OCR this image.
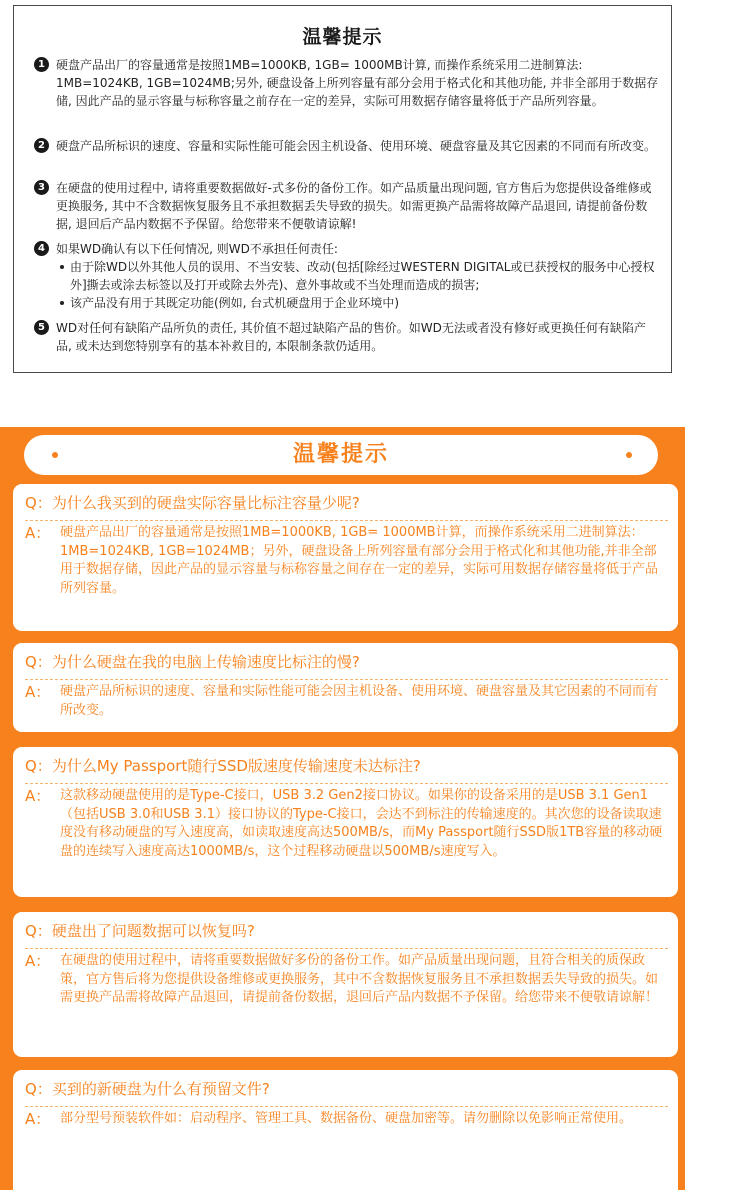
温馨提示
1 硬盘产品出厂的容量通常是按照1MB=1000KB, 1GB= 1000MB计算, 而操作系统采用二进制算法: 1MB=1024KB, 1GB=1024MB;另外, 硬盘设备上所列容量有部分会用于格式化和其他功能, 并非全部用于数据存储, 因此产品的显示容量与标称容量之前存在一定的差异，实际可用数据存储容量将低于产品所列容量。
2 硬盘产品所标识的速度、容量和实际性能可能会因主机设备、使用环境、硬盘容量及其它因素的不同而有所改变。
3 在硬盘的使用过程中, 请将重要数据做好-式多份的备份工作。如产品质量出现问题, 官方售后为您提供设备维修或更换服务, 其中不含数据恢复服务且不承担数据丢失导致的损失。如需更换产品需将故障产品退回, 请提前备份数据, 退回后产品内数据不予保留。给您带来不便敬请谅解!
4 如果WD确认有以下任何情况, 则WD不承担任何责任:
由于除WD以外其他人员的误用、不当安装、改动(包括[除经过WESTERN DIGITAL或已获授权的服务中心授权外]撕去或涂去标签以及打开或除去外壳)、意外事故或不当处理而造成的损害;
该产品没有用于其既定功能(例如, 台式机硬盘用于企业环境中)
5 WD对任何有缺陷产品所负的责任, 其价值不超过缺陷产品的售价。如WD无法或者没有修好或更换任何有缺陷产品, 或未达到您特别享有的基本补救目的, 本限制条款仍适用。
温馨提示
Q：为什么我买到的硬盘实际容量比标注容量少呢?
A： 硬盘产品出厂的容量通常是按照1MB=1000KB, 1GB= 1000MB计算，而操作系统采用二进制算法：
1MB=1024KB, 1GB=1024MB；另外，硬盘设备上所列容量有部分会用于格式化和其他功能,并非全部用于数据存储，因此产品的显示容量与标称容量之间存在一定的差异，实际可用数据存储容量将低于产品所列容量。
Q：为什么硬盘在我的电脑上传输速度比标注的慢?
A： 硬盘产品所标识的速度、容量和实际性能可能会因主机设备、使用环境、硬盘容量及其它因素的不同而有所改变。
Q：为什么My Passport随行SSD版速度传输速度未达标注?
A： 这款移动硬盘使用的是Type-C接口，USB 3.2 Gen2接口协议。如果你的设备采用的是USB 3.1 Gen1（包括USB 3.0和USB 3.1）接口协议的Type-C接口，会达不到标注的传输速度的。其次您的设备读取速度没有移动硬盘的写入速度高，如读取速度高达500MB/s，而My Passport随行SSD版1TB容量的移动硬盘的连续写入速度高达1000MB/s，这个过程移动硬盘以500MB/s速度写入。
Q：硬盘出了问题数据可以恢复吗?
A： 在硬盘的使用过程中，请将重要数据做好多份的备份工作。如产品质量出现问题，且符合相关的质保政策，官方售后将为您提供设备维修或更换服务，其中不含数据恢复服务且不承担数据丢失导致的损失。如需更换产品需将故障产品退回，请提前备份数据，退回后产品内数据不予保留。给您带来不便敬请谅解！
Q：买到的新硬盘为什么有预留文件?
A： 部分型号预装软件如：启动程序、管理工具、数据备份、硬盘加密等。请勿删除以免影响正常使用。
